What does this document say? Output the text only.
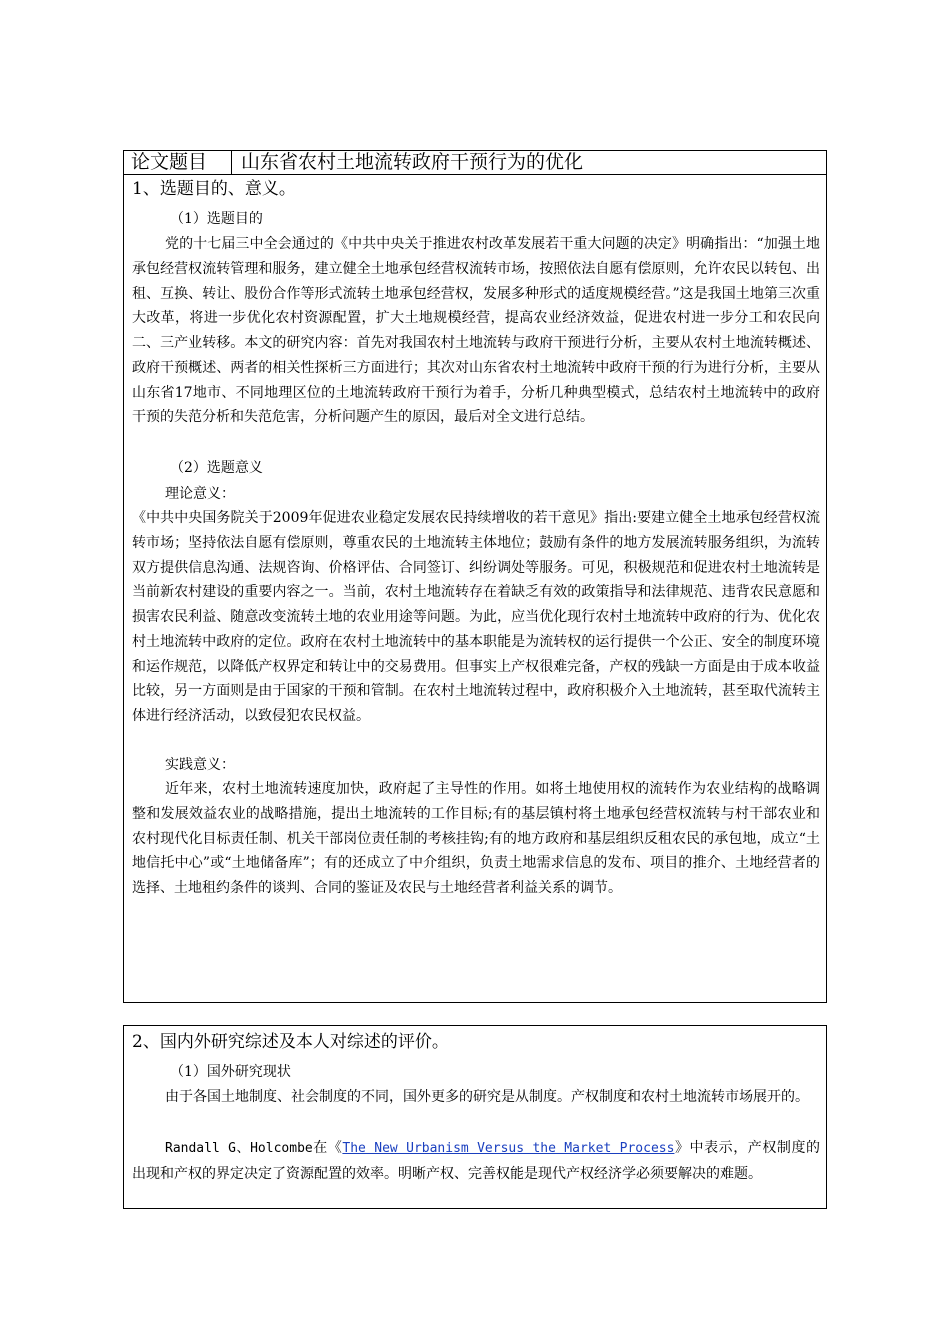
论文题目 山东省农村土地流转政府干预行为的优化
1、选题目的、意义。
（1）选题目的
党的十七届三中全会通过的《中共中央关于推进农村改革发展若干重大问题的决定》明确指出：“加强土地承包经营权流转管理和服务，建立健全土地承包经营权流转市场，按照依法自愿有偿原则，允许农民以转包、出租、互换、转让、股份合作等形式流转土地承包经营权，发展多种形式的适度规模经营。”这是我国土地第三次重大改革，将进一步优化农村资源配置，扩大土地规模经营，提高农业经济效益，促进农村进一步分工和农民向二、三产业转移。本文的研究内容：首先对我国农村土地流转与政府干预进行分析，主要从农村土地流转概述、政府干预概述、两者的相关性探析三方面进行；其次对山东省农村土地流转中政府干预的行为进行分析，主要从山东省17地市、不同地理区位的土地流转政府干预行为着手，分析几种典型模式，总结农村土地流转中的政府干预的失范分析和失范危害，分析问题产生的原因，最后对全文进行总结。
（2）选题意义
理论意义：
《中共中央国务院关于2009年促进农业稳定发展农民持续增收的若干意见》指出:要建立健全土地承包经营权流转市场；坚持依法自愿有偿原则，尊重农民的土地流转主体地位；鼓励有条件的地方发展流转服务组织，为流转双方提供信息沟通、法规咨询、价格评估、合同签订、纠纷调处等服务。可见，积极规范和促进农村土地流转是当前新农村建设的重要内容之一。当前，农村土地流转存在着缺乏有效的政策指导和法律规范、违背农民意愿和损害农民利益、随意改变流转土地的农业用途等问题。为此，应当优化现行农村土地流转中政府的行为、优化农村土地流转中政府的定位。政府在农村土地流转中的基本职能是为流转权的运行提供一个公正、安全的制度环境和运作规范，以降低产权界定和转让中的交易费用。但事实上产权很难完备，产权的残缺一方面是由于成本收益比较，另一方面则是由于国家的干预和管制。在农村土地流转过程中，政府积极介入土地流转，甚至取代流转主体进行经济活动，以致侵犯农民权益。
实践意义：
近年来，农村土地流转速度加快，政府起了主导性的作用。如将土地使用权的流转作为农业结构的战略调整和发展效益农业的战略措施，提出土地流转的工作目标;有的基层镇村将土地承包经营权流转与村干部农业和农村现代化目标责任制、机关干部岗位责任制的考核挂钩;有的地方政府和基层组织反租农民的承包地，成立“土地信托中心”或“土地储备库”；有的还成立了中介组织，负责土地需求信息的发布、项目的推介、土地经营者的选择、土地租约条件的谈判、合同的鉴证及农民与土地经营者利益关系的调节。
2、国内外研究综述及本人对综述的评价。
（1）国外研究现状
由于各国土地制度、社会制度的不同，国外更多的研究是从制度。产权制度和农村土地流转市场展开的。
Randall G、Holcombe在《The New Urbanism Versus the Market Process》中表示，产权制度的出现和产权的界定决定了资源配置的效率。明晰产权、完善权能是现代产权经济学必须要解决的难题。
